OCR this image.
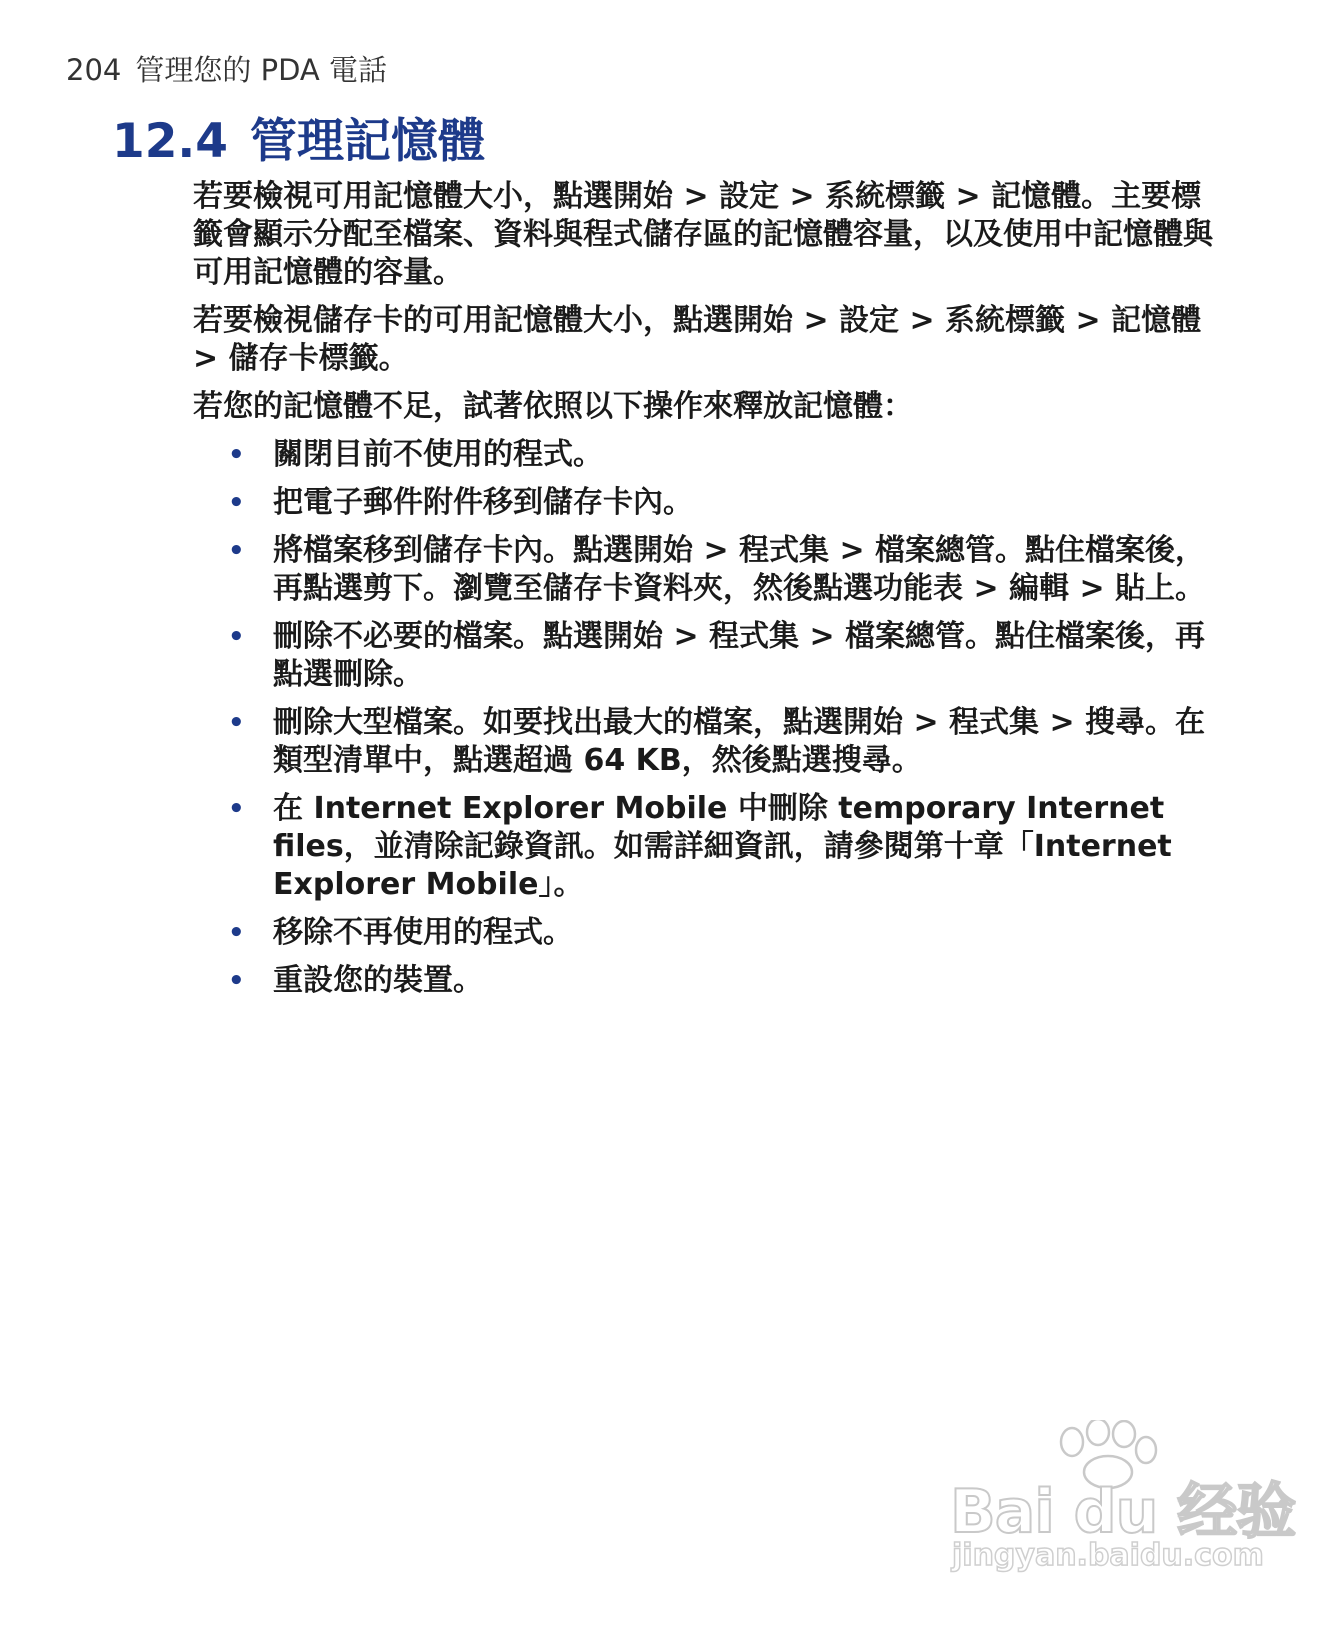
204 管理您的 PDA 電話
12.4 管理記憶體

若要檢視可用記憶體大小，點選開始 > 設定 > 系統標籤 > 記憶體。主要標籤會顯示分配至檔案、資料與程式儲存區的記憶體容量，以及使用中記憶體與可用記憶體的容量。

若要檢視儲存卡的可用記憶體大小，點選開始 > 設定 > 系統標籤 > 記憶體 > 儲存卡標籤。

若您的記憶體不足，試著依照以下操作來釋放記憶體：

• 關閉目前不使用的程式。
• 把電子郵件附件移到儲存卡內。
• 將檔案移到儲存卡內。點選開始 > 程式集 > 檔案總管。點住檔案後，再點選剪下。瀏覽至儲存卡資料夾，然後點選功能表 > 編輯 > 貼上。
• 刪除不必要的檔案。點選開始 > 程式集 > 檔案總管。點住檔案後，再點選刪除。
• 刪除大型檔案。如要找出最大的檔案，點選開始 > 程式集 > 搜尋。在類型清單中，點選超過 64 KB，然後點選搜尋。
• 在 Internet Explorer Mobile 中刪除 temporary Internet files，並清除記錄資訊。如需詳細資訊，請參閱第十章「Internet Explorer Mobile」。
• 移除不再使用的程式。
• 重設您的裝置。
Bai du 经验
jingyan.baidu.com
